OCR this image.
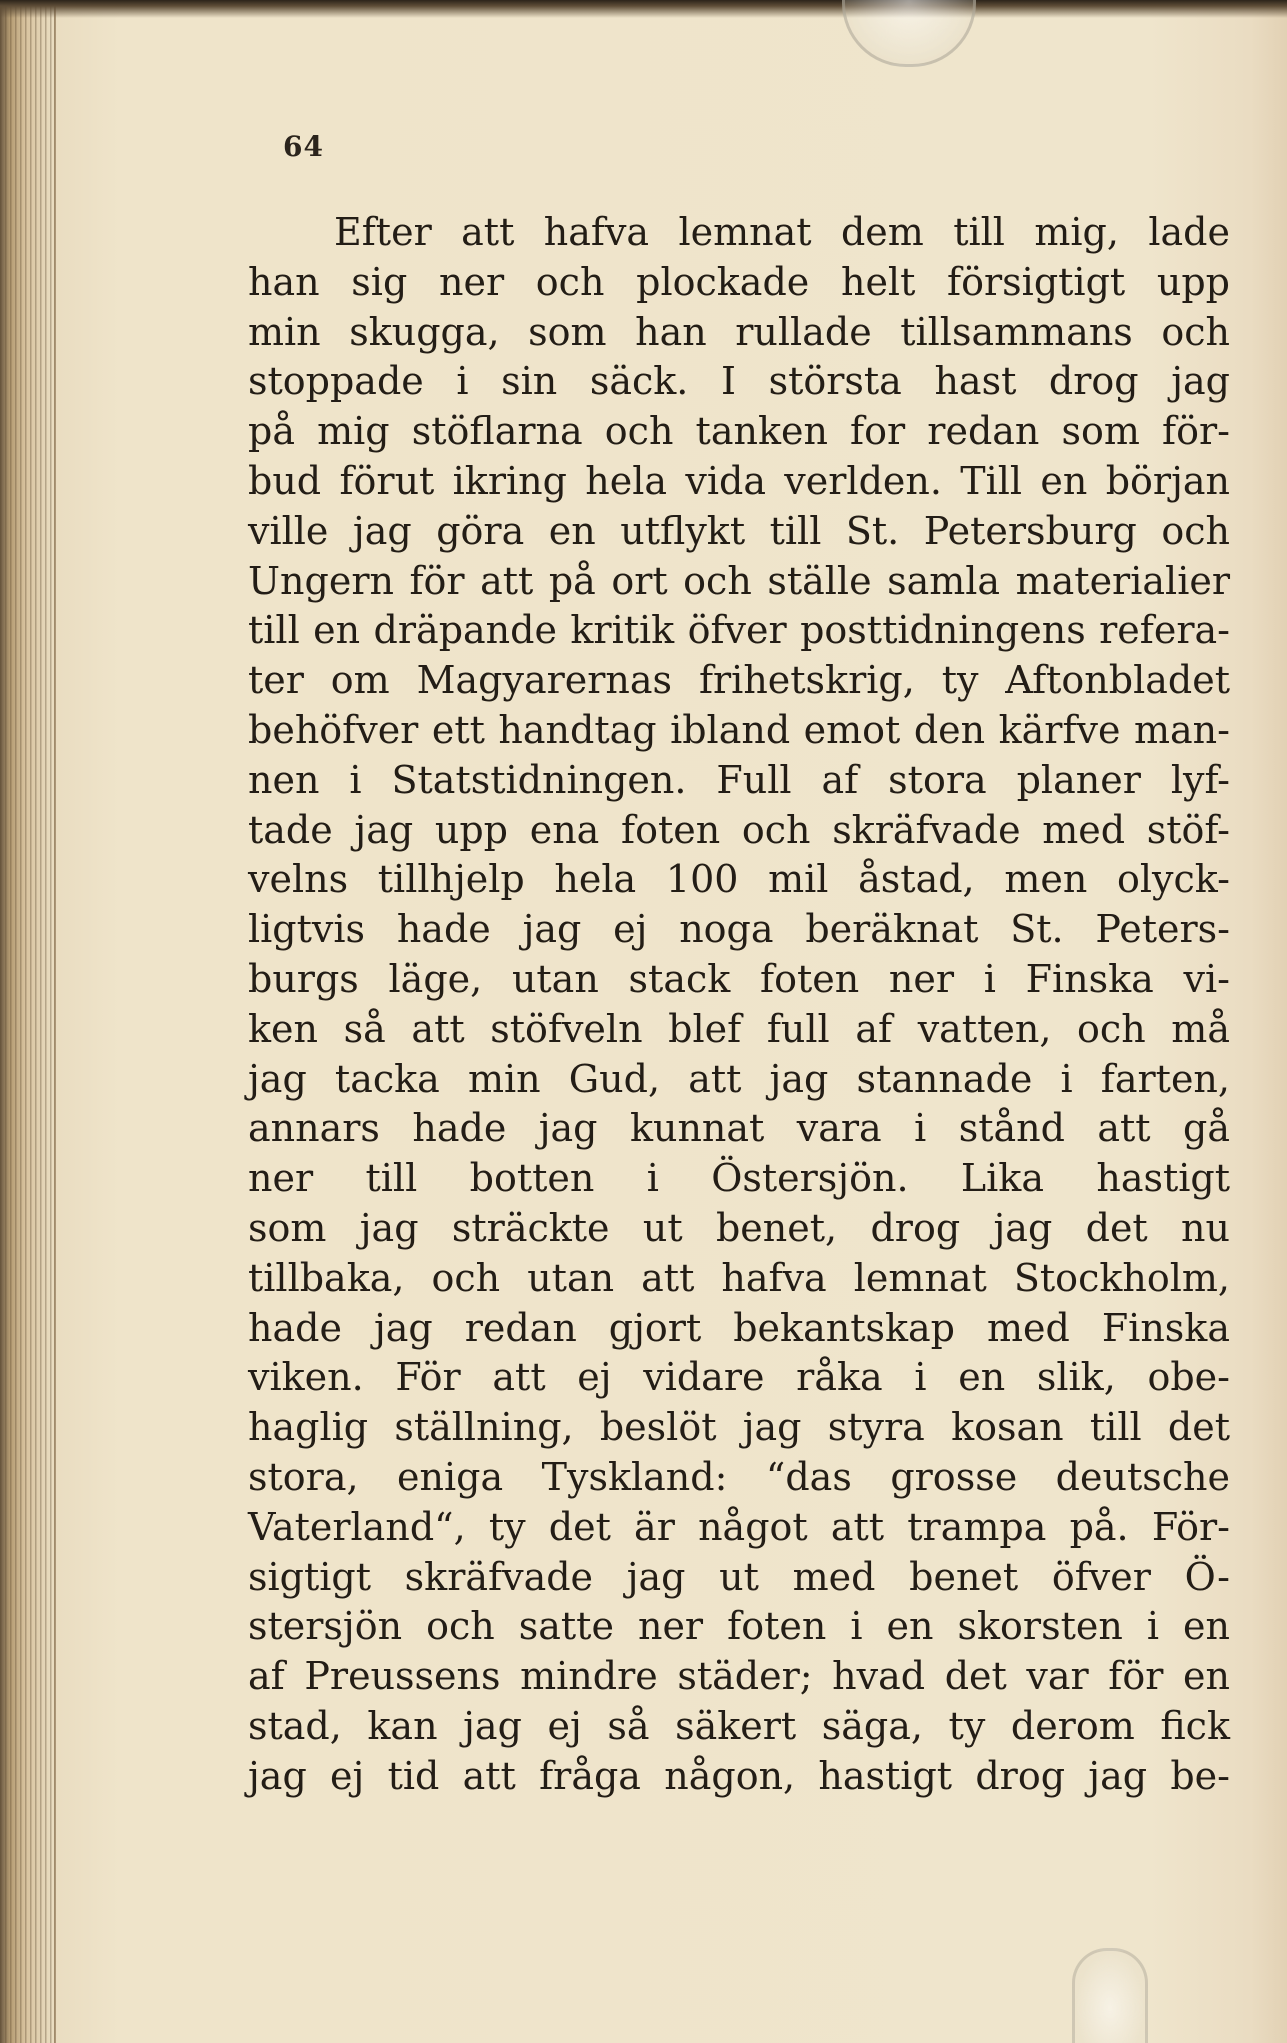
64
Efter att hafva lemnat dem till mig, lade
han sig ner och plockade helt försigtigt upp
min skugga, som han rullade tillsammans och
stoppade i sin säck. I största hast drog jag
på mig stöflarna och tanken for redan som för-
bud förut ikring hela vida verlden. Till en början
ville jag göra en utflykt till St. Petersburg och
Ungern för att på ort och ställe samla materialier
till en dräpande kritik öfver posttidningens refera-
ter om Magyarernas frihetskrig, ty Aftonbladet
behöfver ett handtag ibland emot den kärfve man-
nen i Statstidningen. Full af stora planer lyf-
tade jag upp ena foten och skräfvade med stöf-
velns tillhjelp hela 100 mil åstad, men olyck-
ligtvis hade jag ej noga beräknat St. Peters-
burgs läge, utan stack foten ner i Finska vi-
ken så att stöfveln blef full af vatten, och må
jag tacka min Gud, att jag stannade i farten,
annars hade jag kunnat vara i stånd att gå
ner till botten i Östersjön. Lika hastigt
som jag sträckte ut benet, drog jag det nu
tillbaka, och utan att hafva lemnat Stockholm,
hade jag redan gjort bekantskap med Finska
viken. För att ej vidare råka i en slik, obe-
haglig ställning, beslöt jag styra kosan till det
stora, eniga Tyskland: “das grosse deutsche
Vaterland“, ty det är något att trampa på. För-
sigtigt skräfvade jag ut med benet öfver Ö-
stersjön och satte ner foten i en skorsten i en
af Preussens mindre städer; hvad det var för en
stad, kan jag ej så säkert säga, ty derom fick
jag ej tid att fråga någon, hastigt drog jag be-
